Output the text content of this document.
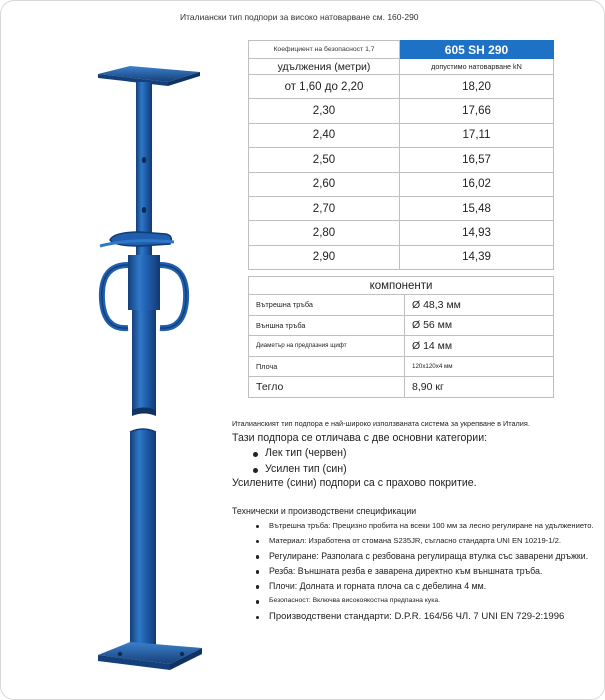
Италиански тип подпори за високо натоварване см. 160-290
Коефициент на безопасност 1,7	605 SH 290
удължения (метри)	допустимо натоварване kN
от 1,60 до 2,20	18,20
2,30	17,66
2,40	17,11
2,50	16,57
2,60	16,02
2,70	15,48
2,80	14,93
2,90	14,39
компоненти	
Вътрешна тръба	Ø 48,3 мм
Външна тръба	Ø 56 мм
Диаметър на предпазния щифт	Ø 14 мм
Плоча	120x120x4 мм
Тегло	8,90 кг
Италианският тип подпора е най-широко използваната система за укрепване в Италия.
Тази подпора се отличава с две основни категории:
Лек тип (червен)
Усилен тип (син)
Усилените (сини) подпори са с прахово покритие.
Технически и производствени спецификации
Вътрешна тръба: Прецизно пробита на всеки 100 мм за лесно регулиране на удължението.
Материал: Изработена от стомана S235JR, съгласно стандарта UNI EN 10219-1/2.
Регулиране: Разполага с резбована регулираща втулка със заварени дръжки.
Резба: Външната резба е заварена директно към външната тръба.
Плочи: Долната и горната плоча са с дебелина 4 мм.
Безопасност: Включва високоякостна предпазна кука.
Производствени стандарти: D.P.R. 164/56 ЧЛ. 7 UNI EN 729-2:1996
